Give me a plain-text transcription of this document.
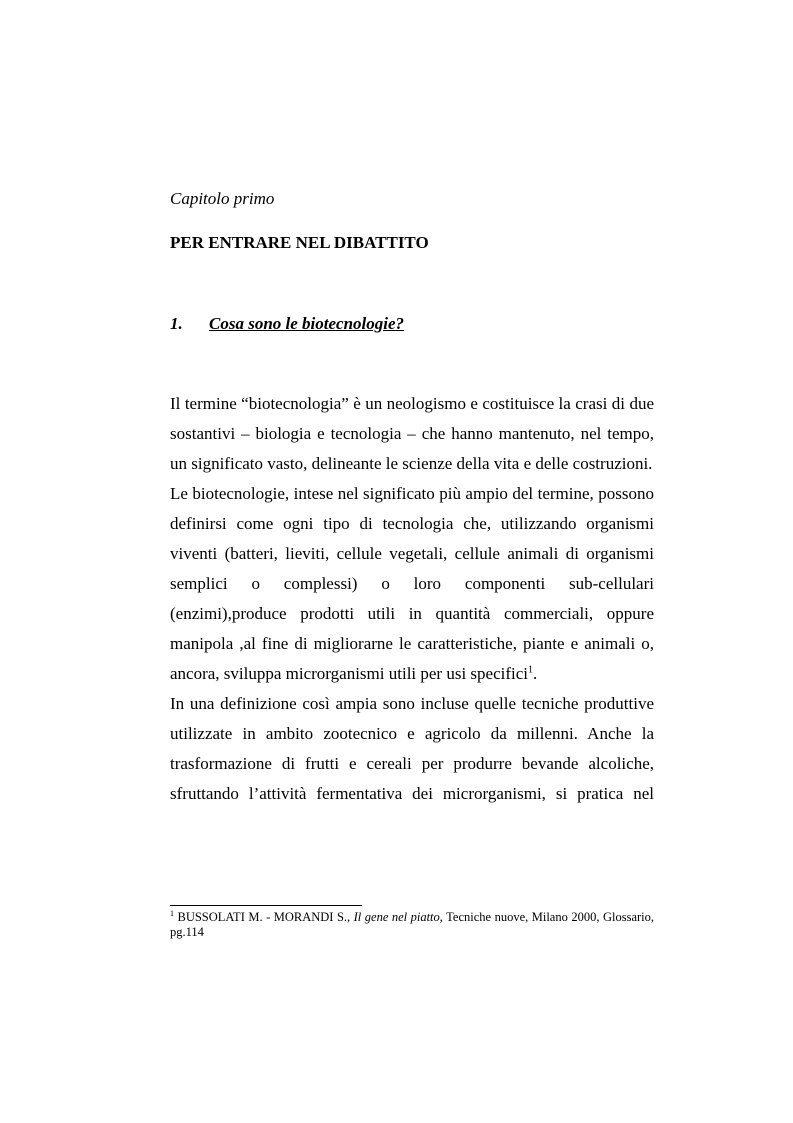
Capitolo primo
PER ENTRARE NEL DIBATTITO
1. Cosa sono le biotecnologie?

Il termine “biotecnologia” è un neologismo e costituisce la crasi di due sostantivi – biologia e tecnologia – che hanno mantenuto, nel tempo, un significato vasto, delineante le scienze della vita e delle costruzioni.

Le biotecnologie, intese nel significato più ampio del termine, possono definirsi come ogni tipo di tecnologia che, utilizzando organismi viventi (batteri, lieviti, cellule vegetali, cellule animali di organismi semplici o complessi) o loro componenti sub-cellulari (enzimi),produce prodotti utili in quantità commerciali, oppure manipola ,al fine di migliorarne le caratteristiche, piante e animali o, ancora, sviluppa microrganismi utili per usi specifici$^1$.

In una definizione così ampia sono incluse quelle tecniche produttive utilizzate in ambito zootecnico e agricolo da millenni. Anche la trasformazione di frutti e cereali per produrre bevande alcoliche, sfruttando l’attività fermentativa dei microrganismi, si pratica nel

$^1$ BUSSOLATI M. - MORANDI S., Il gene nel piatto, Tecniche nuove, Milano 2000, Glossario, pg.114
